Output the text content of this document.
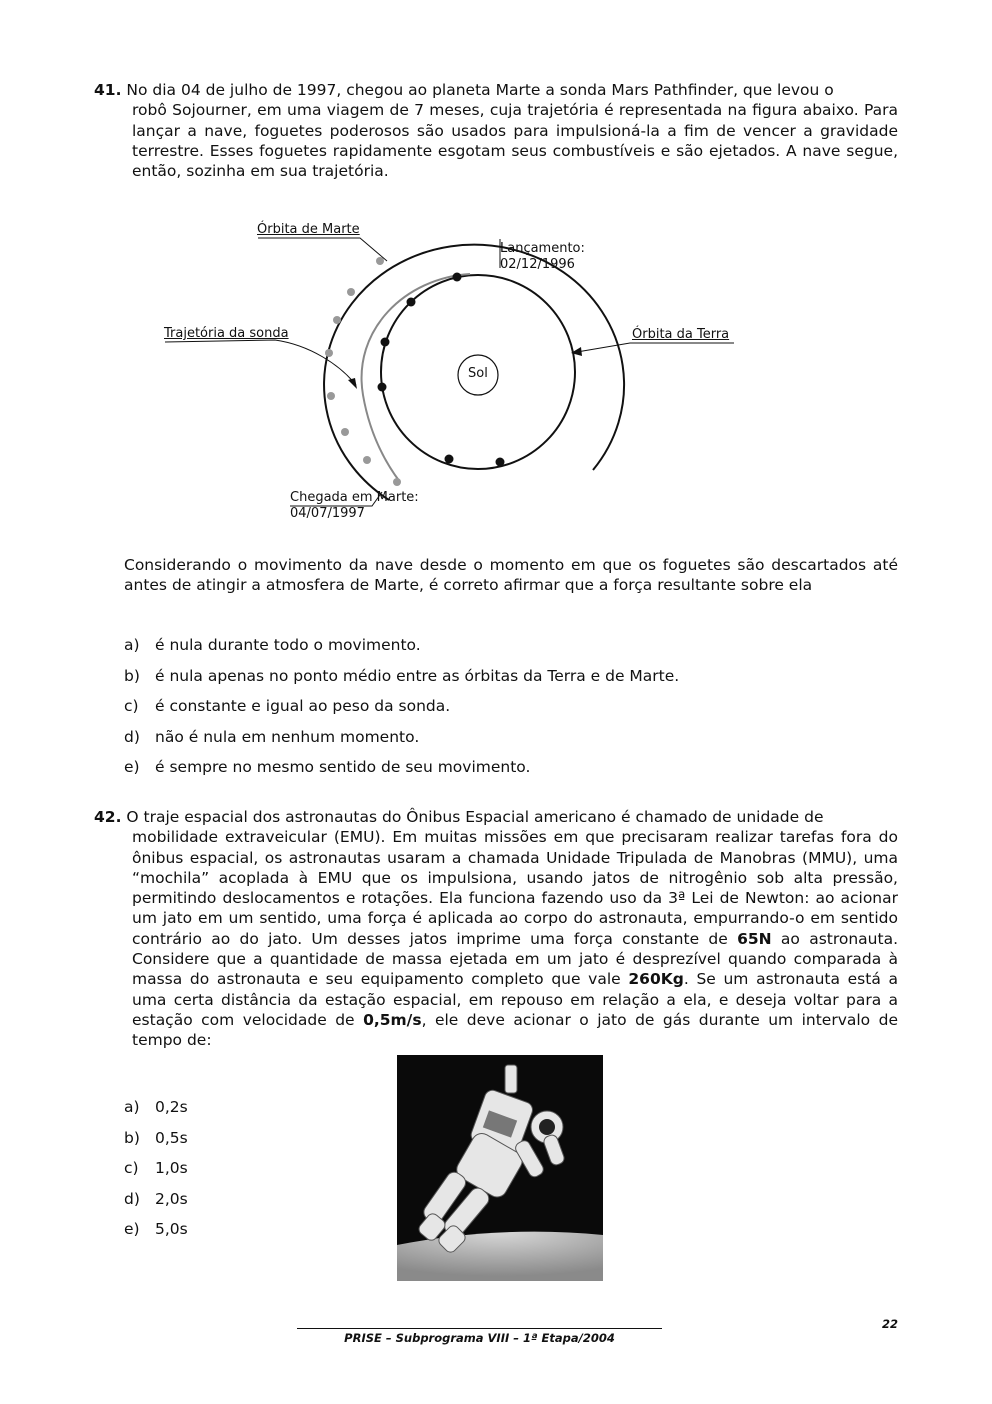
41. No dia 04 de julho de 1997, chegou ao planeta Marte a sonda Mars Pathfinder, que levou o
robô Sojourner, em uma viagem de 7 meses, cuja trajetória é representada na figura abaixo. Para lançar a nave, foguetes poderosos são usados para impulsioná-la a fim de vencer a gravidade terrestre. Esses foguetes rapidamente esgotam seus combustíveis e são ejetados. A nave segue, então, sozinha em sua trajetória.
Órbita de Marte
Lançamento:
02/12/1996
Trajetória da sonda	Órbita da Terra
Sol
Chegada em Marte:
04/07/1997
Considerando o movimento da nave desde o momento em que os foguetes são descartados até antes de atingir a atmosfera de Marte, é correto afirmar que a força resultante sobre ela
a) é nula durante todo o movimento.
b) é nula apenas no ponto médio entre as órbitas da Terra e de Marte.
c) é constante e igual ao peso da sonda.
d) não é nula em nenhum momento.
e) é sempre no mesmo sentido de seu movimento.
42. O traje espacial dos astronautas do Ônibus Espacial americano é chamado de unidade de
mobilidade extraveicular (EMU). Em muitas missões em que precisaram realizar tarefas fora do ônibus espacial, os astronautas usaram a chamada Unidade Tripulada de Manobras (MMU), uma “mochila” acoplada à EMU que os impulsiona, usando jatos de nitrogênio sob alta pressão, permitindo deslocamentos e rotações. Ela funciona fazendo uso da 3ª Lei de Newton: ao acionar um jato em um sentido, uma força é aplicada ao corpo do astronauta, empurrando-o em sentido contrário ao do jato. Um desses jatos imprime uma força constante de 65N ao astronauta. Considere que a quantidade de massa ejetada em um jato é desprezível quando comparada à massa do astronauta e seu equipamento completo que vale 260Kg. Se um astronauta está a uma certa distância da estação espacial, em repouso em relação a ela, e deseja voltar para a estação com velocidade de 0,5m/s, ele deve acionar o jato de gás durante um intervalo de tempo de:
a) 0,2s
b) 0,5s
c) 1,0s
d) 2,0s
e) 5,0s
PRISE – Subprograma VIII – 1ª Etapa/2004
22
